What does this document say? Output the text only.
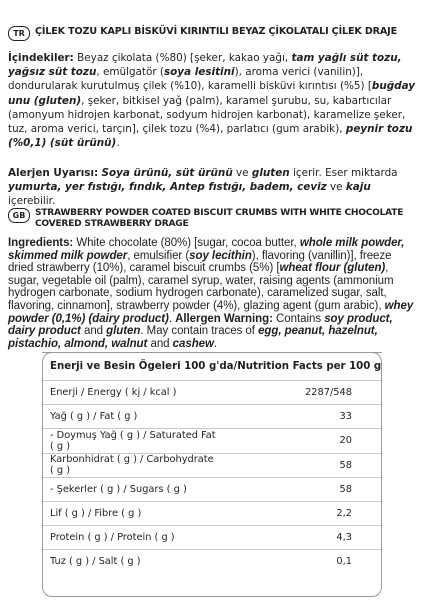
TR	ÇİLEK TOZU KAPLI BİSKÜVİ KIRINTILI BEYAZ ÇİKOLATALI ÇİLEK DRAJE

İçindekiler: Beyaz çikolata (%80) [şeker, kakao yağı, tam yağlı süt tozu, yağsız süt tozu, emülgatör (soya lesitini), aroma verici (vanilin)], dondurularak kurutulmuş çilek (%10), karamelli bisküvi kırıntısı (%5) [buğday unu (gluten), şeker, bitkisel yağ (palm), karamel şurubu, su, kabartıcılar (amonyum hidrojen karbonat, sodyum hidrojen karbonat), karamelize şeker, tuz, aroma verici, tarçın], çilek tozu (%4), parlatıcı (gum arabik), peynir tozu (%0,1) (süt ürünü).

Alerjen Uyarısı: Soya ürünü, süt ürünü ve gluten içerir. Eser miktarda yumurta, yer fıstığı, fındık, Antep fıstığı, badem, ceviz ve kaju içerebilir.

GB	STRAWBERRY POWDER COATED BISCUIT CRUMBS WITH WHITE CHOCOLATE COVERED STRAWBERRY DRAGE

Ingredients: White chocolate (80%) [sugar, cocoa butter, whole milk powder, skimmed milk powder, emulsifier (soy lecithin), flavoring (vanillin)], freeze dried strawberry (10%), caramel biscuit crumbs (5%) [wheat flour (gluten), sugar, vegetable oil (palm), caramel syrup, water, raising agents (ammonium hydrogen carbonate, sodium hydrogen carbonate), caramelized sugar, salt, flavoring, cinnamon], strawberry powder (4%), glazing agent (gum arabic), whey powder (0,1%) (dairy product). Allergen Warning: Contains soy product, dairy product and gluten. May contain traces of egg, peanut, hazelnut, pistachio, almond, walnut and cashew.

Enerji ve Besin Ögeleri 100 g'da/Nutrition Facts per 100 g	
Enerji / Energy ( kj / kcal )	2287/548
Yağ ( g ) / Fat ( g )	33
- Doymuş Yağ ( g ) / Saturated Fat ( g )	20
Karbonhidrat ( g ) / Carbohydrate ( g )	58
- Şekerler ( g ) / Sugars ( g )	58
Lif ( g ) / Fibre ( g )	2,2
Protein ( g ) / Protein ( g )	4,3
Tuz ( g ) / Salt ( g )	0,1
